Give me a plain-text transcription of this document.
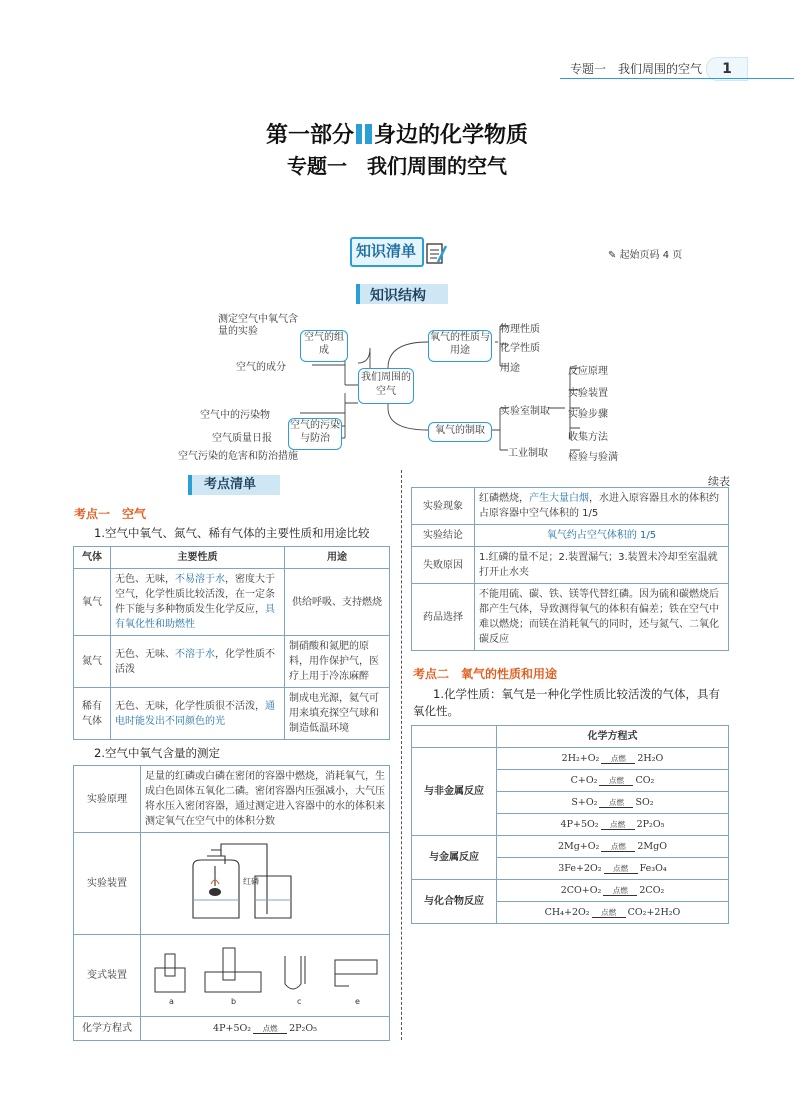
专题一　我们周围的空气	1
第一部分 身边的化学物质
专题一　我们周围的空气
知识清单	✎ 起始页码 4 页
知识结构
我们周围的空气
空气的组成
空气的污染与防治
氧气的性质与用途
氧气的制取
测定空气中氧气含量的实验
空气的成分
空气中的污染物
空气质量日报
空气污染的危害和防治措施
物理性质
化学性质
用途
实验室制取
工业制取
反应原理
实验装置
实验步骤
收集方法
检验与验满
考点清单
考点一　空气
1.空气中氧气、氮气、稀有气体的主要性质和用途比较
气体	主要性质	用途
氧气	无色、无味，不易溶于水，密度大于空气，化学性质比较活泼，在一定条件下能与多种物质发生化学反应，具有氧化性和助燃性	供给呼吸、支持燃烧
氮气	无色、无味、不溶于水，化学性质不活泼	制硝酸和氮肥的原料，用作保护气，医疗上用于冷冻麻醉
稀有气体	无色、无味，化学性质很不活泼，通电时能发出不同颜色的光	制成电光源，氦气可用来填充探空气球和制造低温环境
2.空气中氧气含量的测定
实验原理	足量的红磷或白磷在密闭的容器中燃烧，消耗氧气，生成白色固体五氧化二磷。密闭容器内压强减小，大气压将水压入密闭容器，通过测定进入容器中的水的体积来测定氧气在空气中的体积分数
实验装置	红磷

变式装置	a b c e

化学方程式	4P+5O₂ 点燃 2P₂O₅
续表
实验现象	红磷燃烧，产生大量白烟，水进入原容器且水的体积约占原容器中空气体积的 1/5
实验结论	氧气约占空气体积的 1/5
失败原因	1.红磷的量不足；2.装置漏气；3.装置未冷却至室温就打开止水夹
药品选择	不能用硫、碳、铁、镁等代替红磷。因为硫和碳燃烧后都产生气体，导致测得氧气的体积有偏差；铁在空气中难以燃烧；而镁在消耗氧气的同时，还与氮气、二氧化碳反应
考点二　氧气的性质和用途
1.化学性质：氧气是一种化学性质比较活泼的气体，具有氧化性。
	化学方程式
与非金属反应	2H₂+O₂ 点燃 2H₂O
	C+O₂ 点燃 CO₂
	S+O₂ 点燃 SO₂
	4P+5O₂ 点燃 2P₂O₅
与金属反应	2Mg+O₂ 点燃 2MgO
	3Fe+2O₂ 点燃 Fe₃O₄
与化合物反应	2CO+O₂ 点燃 2CO₂
	CH₄+2O₂ 点燃 CO₂+2H₂O
